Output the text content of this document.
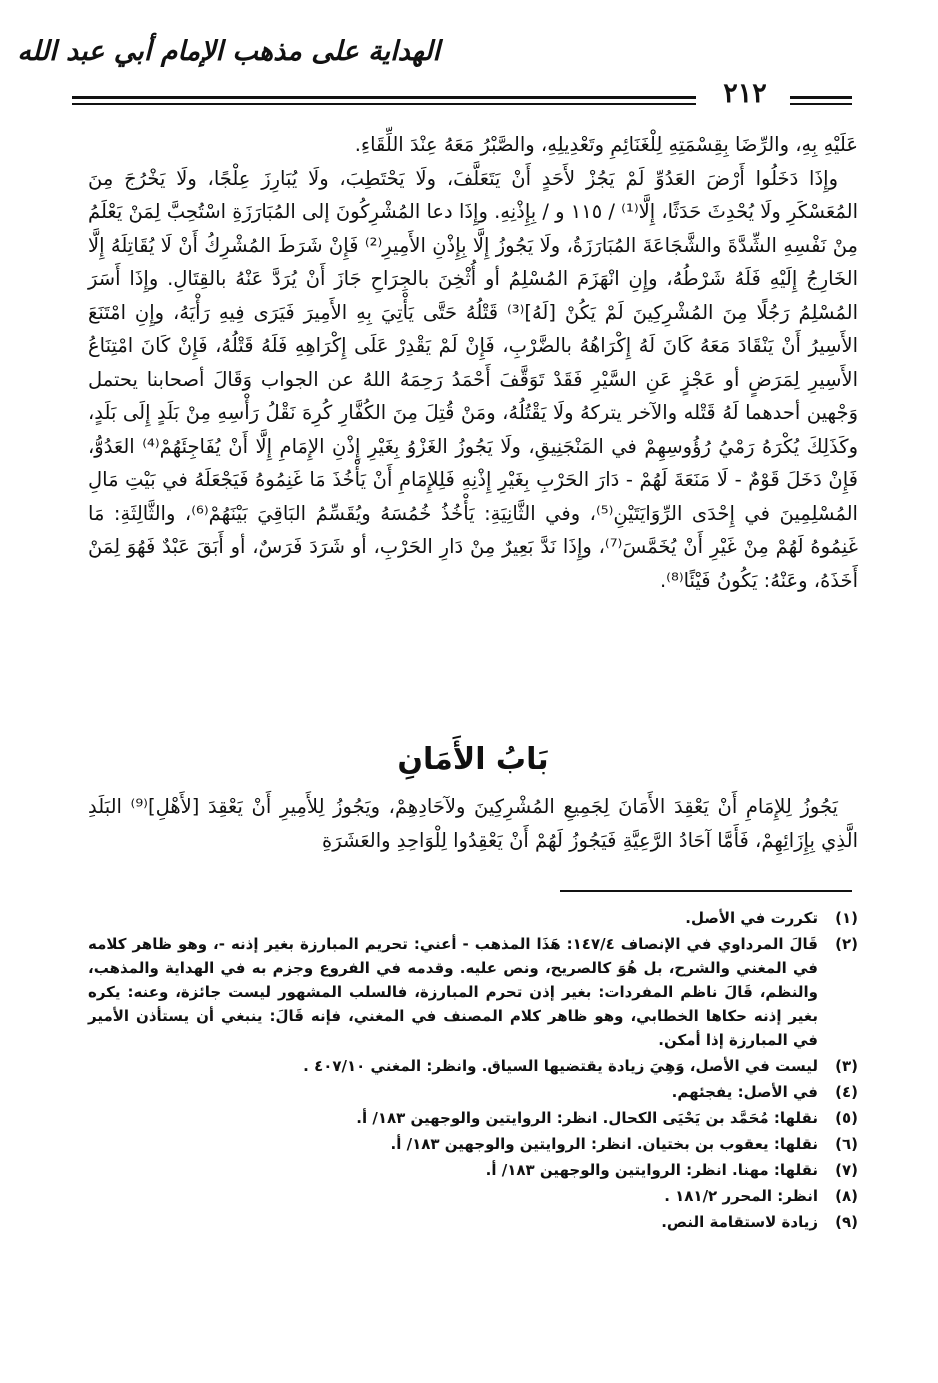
الهداية على مذهب الإمام أبي عبد الله
٢١٢

عَلَيْهِ بِهِ، والرِّضَا بِقِسْمَتِهِ لِلْغَنَائِمِ وتَعْدِيلِهِ، والصَّبْرُ مَعَهُ عِنْدَ اللِّقَاءِ.

وإِذَا دَخَلُوا أَرْضَ العَدُوِّ لَمْ يَجُزْ لأَحَدٍ أَنْ يَتَعَلَّفَ، ولَا يَحْتَطِبَ، ولَا يُبَارِزَ عِلْجًا، ولَا يَخْرُجَ مِنَ المُعَسْكَرِ ولَا يُحْدِثَ حَدَثًا، إِلَّا⁽¹⁾ / ١١٥ و / بِإِذْنِهِ. وإِذَا دعا المُشْرِكُونَ إلى المُبَارَزَةِ اسْتُحِبَّ لِمَنْ يَعْلَمُ مِنْ نَفْسِهِ الشِّدَّةَ والشَّجَاعَةَ المُبَارَزَةُ، ولَا يَجُوزُ إِلَّا بِإِذْنِ الأَمِيرِ⁽²⁾ فَإِنْ شَرَطَ المُشْرِكُ أَنْ لَا يُقَاتِلَهُ إِلَّا الخَارِجُ إِلَيْهِ فَلَهُ شَرْطُهُ، وإِنِ انْهَزَمَ المُسْلِمُ أو أُثْخِنَ بالجِرَاحِ جَازَ أَنْ يُرَدَّ عَنْهُ بالقِتَالِ. وإِذَا أَسَرَ المُسْلِمُ رَجُلًا مِنَ المُشْرِكِينَ لَمْ يَكُنْ [لَهُ]⁽³⁾ قَتْلُهُ حَتَّى يَأْتِيَ بِهِ الأَمِيرَ فَيَرَى فِيهِ رَأْيَهُ، وإِنِ امْتَنَعَ الأَسِيرُ أَنْ يَنْقَادَ مَعَهُ كَانَ لَهُ إِكْرَاهُهُ بالضَّرْبِ، فَإِنْ لَمْ يَقْدِرْ عَلَى إِكْرَاهِهِ فَلَهُ قَتْلُهُ، فَإِنْ كَانَ امْتِنَاعُ الأَسِيرِ لِمَرَضٍ أو عَجْزٍ عَنِ السَّيْرِ فَقَدْ تَوَقَّفَ أَحْمَدُ رَحِمَهُ اللهُ عن الجواب وَقَالَ أصحابنا يحتمل وَجْهين أحدهما لَهُ قَتْله والآخر يتركهُ ولَا يَقْتُلُهُ، ومَنْ قُتِلَ مِنَ الكُفَّارِ كُرِهَ نَقْلُ رَأْسِهِ مِنْ بَلَدٍ إِلَى بَلَدٍ، وكَذَلِكَ يُكْرَهُ رَمْيُ رُؤُوسِهِمْ في المَنْجَنِيقِ، ولَا يَجُوزُ الغَزْوُ بِغَيْرِ إِذْنِ الإِمَامِ إِلَّا أَنْ يُفَاجِئَهُمْ⁽⁴⁾ العَدُوُّ، فَإِنْ دَخَلَ قَوْمٌ - لَا مَنَعَةَ لَهُمْ - دَارَ الحَرْبِ بِغَيْرِ إِذْنِهِ فَلِلإِمَامِ أَنْ يَأْخُذَ مَا غَنِمُوهُ فَيَجْعَلَهُ في بَيْتِ مَالِ المُسْلِمِينَ في إِحْدَى الرِّوَايَتَيْنِ⁽⁵⁾، وفي الثَّانِيَةِ: يَأْخُذُ خُمُسَهُ ويُقَسِّمُ البَاقِيَ بَيْنَهُمْ⁽⁶⁾، والثَّالِثَةِ: مَا غَنِمُوهُ لَهُمْ مِنْ غَيْرِ أَنْ يُخَمَّسَ⁽⁷⁾، وإِذَا نَدَّ بَعِيرٌ مِنْ دَارِ الحَرْبِ، أو شَرَدَ فَرَسٌ، أو أَبَقَ عَبْدٌ فَهُوَ لِمَنْ أَخَذَهُ، وعَنْهُ: يَكُونُ فَيْئًا⁽⁸⁾.

بَابُ الأَمَانِ

يَجُوزُ لِلإِمَامِ أَنْ يَعْقِدَ الأَمَانَ لِجَمِيعِ المُشْرِكِينَ ولآحَادِهِمْ، ويَجُوزُ لِلأَمِيرِ أَنْ يَعْقِدَ [لأَهْلِ]⁽⁹⁾ البَلَدِ الَّذِي بِإِزَائِهِمْ، فَأَمَّا آحَادُ الرَّعِيَّةِ فَيَجُوزُ لَهُمْ أَنْ يَعْقِدُوا لِلْوَاحِدِ والعَشَرَةِ

(١)
تكررت في الأصل.
(٢)
قَالَ المرداوي في الإنصاف ١٤٧/٤: هَذَا المذهب - أعني: تحريم المبارزة بغير إذنه -، وهو ظاهر كلامه في المغني والشرح، بل هُوَ كالصريح، ونص عليه. وقدمه في الفروع وجزم به في الهداية والمذهب، والنظم، قَالَ ناظم المفردات: بغير إذن تحرم المبارزة، فالسلب المشهور ليست جائزة، وعنه: يكره بغير إذنه حكاها الخطابي، وهو ظاهر كلام المصنف في المغني، فإنه قَالَ: ينبغي أن يستأذن الأمير في المبارزة إذا أمكن.
(٣)
ليست في الأصل، وَهِيَ زيادة يقتضيها السياق. وانظر: المغني ٤٠٧/١٠ .
(٤)
في الأصل: يفجئهم.
(٥)
نقلها: مُحَمَّد بن يَحْيَى الكحال. انظر: الروايتين والوجهين ١٨٣/ أ.
(٦)
نقلها: يعقوب بن بختيان. انظر: الروايتين والوجهين ١٨٣/ أ.
(٧)
نقلها: مهنا. انظر: الروايتين والوجهين ١٨٣/ أ.
(٨)
انظر: المحرر ١٨١/٢ .
(٩)
زيادة لاستقامة النص.
